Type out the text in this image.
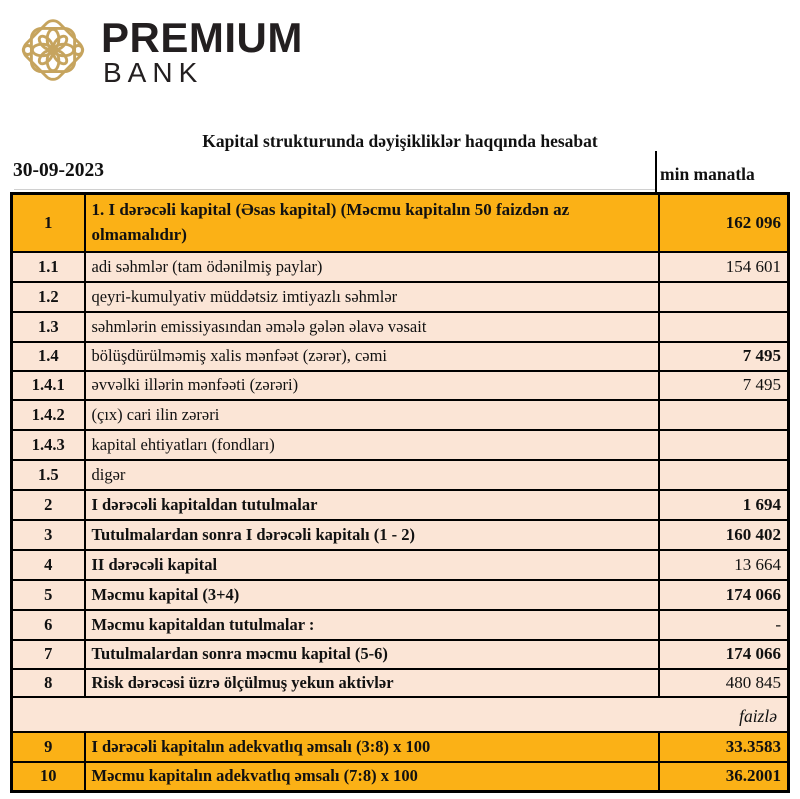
PREMIUM
BANK
Kapital strukturunda dəyişikliklər haqqında hesabat
30-09-2023	min manatla
1	1. I dərəcəli kapital (Əsas kapital) (Məcmu kapitalın 50 faizdən az olmamalıdır)	162 096
1.1	adi səhmlər (tam ödənilmiş paylar)	154 601
1.2	qeyri-kumulyativ müddətsiz imtiyazlı səhmlər	
1.3	səhmlərin emissiyasından əmələ gələn əlavə vəsait	
1.4	bölüşdürülməmiş xalis mənfəət (zərər), cəmi	7 495
1.4.1	əvvəlki illərin mənfəəti (zərəri)	7 495
1.4.2	(çıx) cari ilin zərəri	
1.4.3	kapital ehtiyatları (fondları)	
1.5	digər	
2	I dərəcəli kapitaldan tutulmalar	1 694
3	Tutulmalardan sonra I dərəcəli kapitalı (1 - 2)	160 402
4	II dərəcəli kapital	13 664
5	Məcmu kapital (3+4)	174 066
6	Məcmu kapitaldan tutulmalar :	-
7	Tutulmalardan sonra məcmu kapital (5-6)	174 066
8	Risk dərəcəsi üzrə ölçülmuş yekun aktivlər	480 845
faizlə		
9	I dərəcəli kapitalın adekvatlıq əmsalı (3:8) x 100	33.3583
10	Məcmu kapitalın adekvatlıq əmsalı (7:8) x 100	36.2001
